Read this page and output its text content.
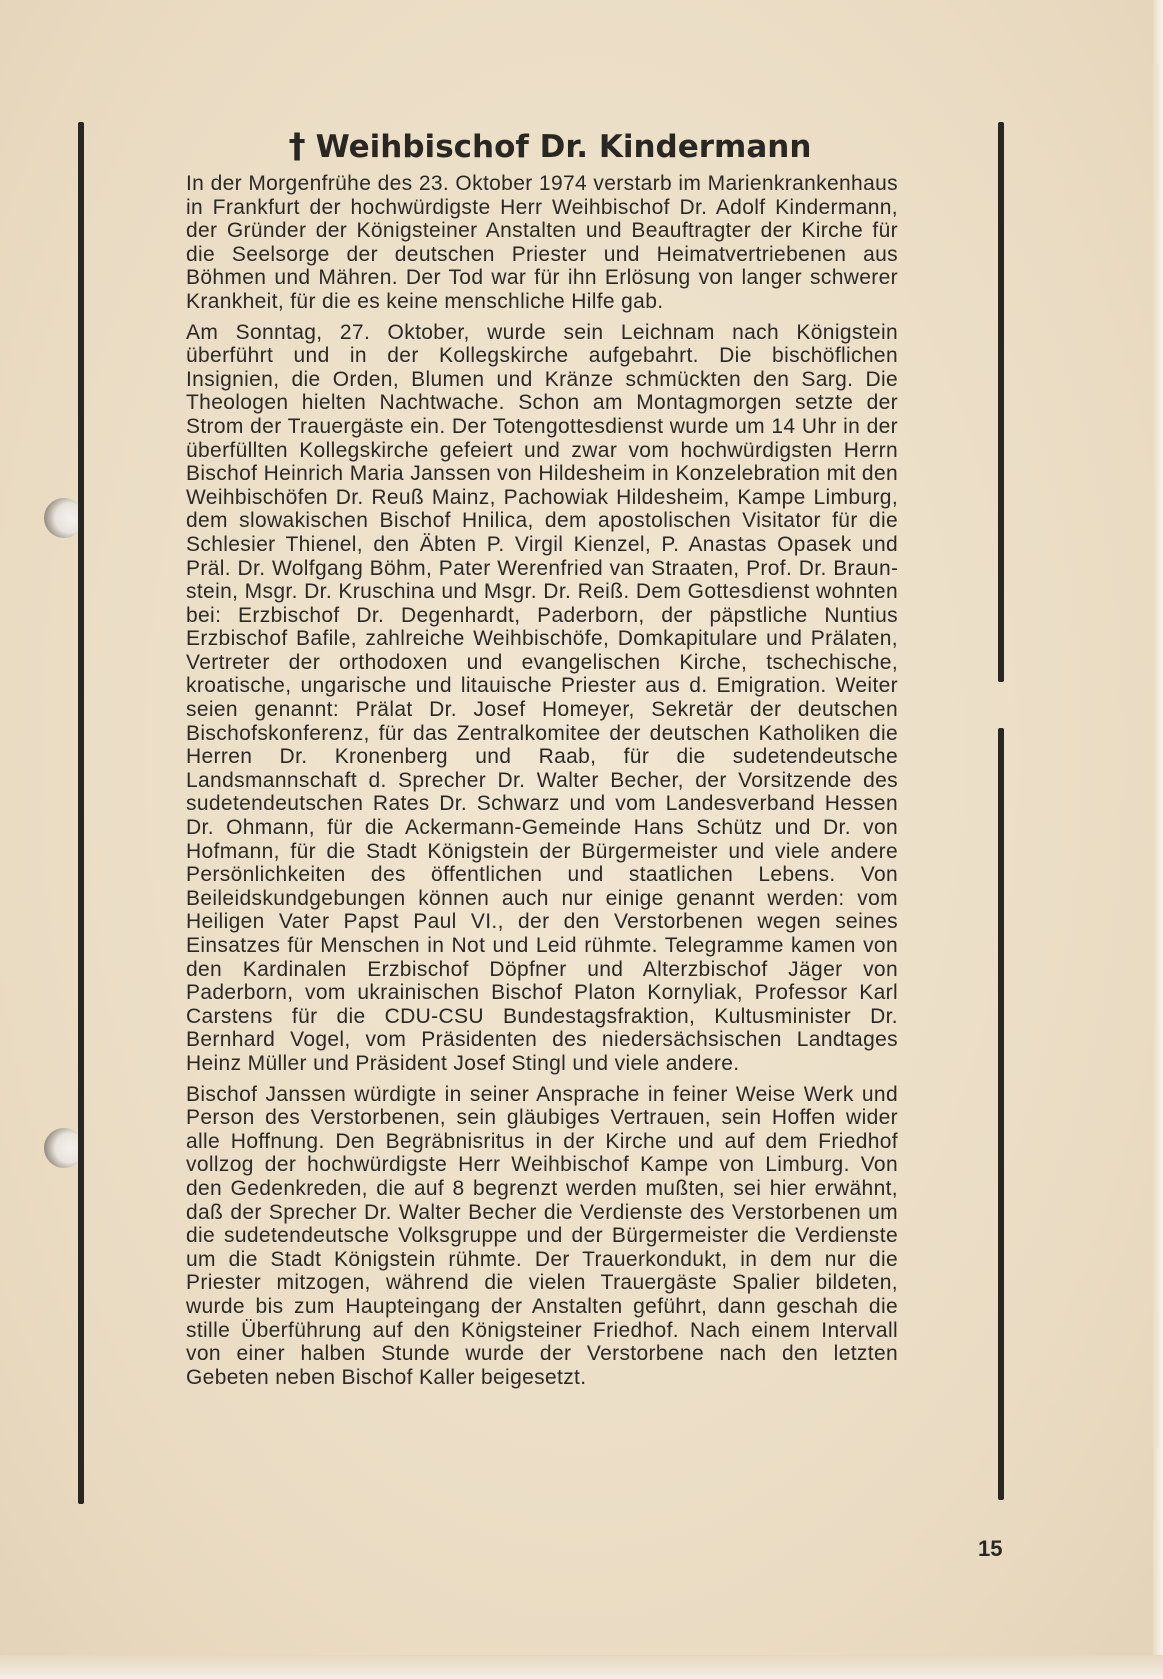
† Weihbischof Dr. Kindermann

In der Morgenfrühe des 23. Oktober 1974 verstarb im Marienkrankenhaus in Frankfurt der hochwürdigste Herr Weihbischof Dr. Adolf Kindermann, der Gründer der Königsteiner Anstalten und Beauftragter der Kirche für die Seelsorge der deutschen Priester und Heimatvertriebenen aus Böhmen und Mähren. Der Tod war für ihn Erlösung von langer schwerer Krankheit, für die es keine menschliche Hilfe gab.

Am Sonntag, 27. Oktober, wurde sein Leichnam nach Königstein überführt und in der Kollegskirche aufgebahrt. Die bischöflichen Insignien, die Orden, Blumen und Kränze schmückten den Sarg. Die Theologen hielten Nachtwache. Schon am Montagmorgen setzte der Strom der Trauergäste ein. Der Totengottesdienst wurde um 14 Uhr in der überfüllten Kollegskirche gefeiert und zwar vom hochwürdigsten Herrn Bischof Heinrich Maria Janssen von Hildesheim in Konzelebration mit den Weihbischöfen Dr. Reuß Mainz, Pachowiak Hildesheim, Kampe Limburg, dem slowakischen Bischof Hnilica, dem apostolischen Visitator für die Schlesier Thienel, den Äbten P. Virgil Kienzel, P. Anastas Opasek und Präl. Dr. Wolfgang Böhm, Pater Werenfried van Straaten, Prof. Dr. Braunstein, Msgr. Dr. Kruschina und Msgr. Dr. Reiß. Dem Gottesdienst wohnten bei: Erzbischof Dr. Degenhardt, Paderborn, der päpstliche Nuntius Erzbischof Bafile, zahlreiche Weihbischöfe, Domkapitulare und Prälaten, Vertreter der orthodoxen und evangelischen Kirche, tschechische, kroatische, ungarische und litauische Priester aus d. Emigration. Weiter seien genannt: Prälat Dr. Josef Homeyer, Sekretär der deutschen Bischofskonferenz, für das Zentralkomitee der deutschen Katholiken die Herren Dr. Kronenberg und Raab, für die sudetendeutsche Landsmannschaft d. Sprecher Dr. Walter Becher, der Vorsitzende des sudetendeutschen Rates Dr. Schwarz und vom Landesverband Hessen Dr. Ohmann, für die Ackermann-Gemeinde Hans Schütz und Dr. von Hofmann, für die Stadt Königstein der Bürgermeister und viele andere Persönlichkeiten des öffentlichen und staatlichen Lebens. Von Beileidskundgebungen können auch nur einige genannt werden: vom Heiligen Vater Papst Paul VI., der den Verstorbenen wegen seines Einsatzes für Menschen in Not und Leid rühmte. Telegramme kamen von den Kardinalen Erzbischof Döpfner und Alterzbischof Jäger von Paderborn, vom ukrainischen Bischof Platon Kornyliak, Professor Karl Carstens für die CDU-CSU Bundestagsfraktion, Kultusminister Dr. Bernhard Vogel, vom Präsidenten des niedersächsischen Landtages Heinz Müller und Präsident Josef Stingl und viele andere.

Bischof Janssen würdigte in seiner Ansprache in feiner Weise Werk und Person des Verstorbenen, sein gläubiges Vertrauen, sein Hoffen wider alle Hoffnung. Den Begräbnisritus in der Kirche und auf dem Friedhof vollzog der hochwürdigste Herr Weihbischof Kampe von Limburg. Von den Gedenkreden, die auf 8 begrenzt werden mußten, sei hier erwähnt, daß der Sprecher Dr. Walter Becher die Verdienste des Verstorbenen um die sudetendeutsche Volksgruppe und der Bürgermeister die Verdienste um die Stadt Königstein rühmte. Der Trauerkondukt, in dem nur die Priester mitzogen, während die vielen Trauergäste Spalier bildeten, wurde bis zum Haupteingang der Anstalten geführt, dann geschah die stille Überführung auf den Königsteiner Friedhof. Nach einem Intervall von einer halben Stunde wurde der Verstorbene nach den letzten Gebeten neben Bischof Kaller beigesetzt.

15
